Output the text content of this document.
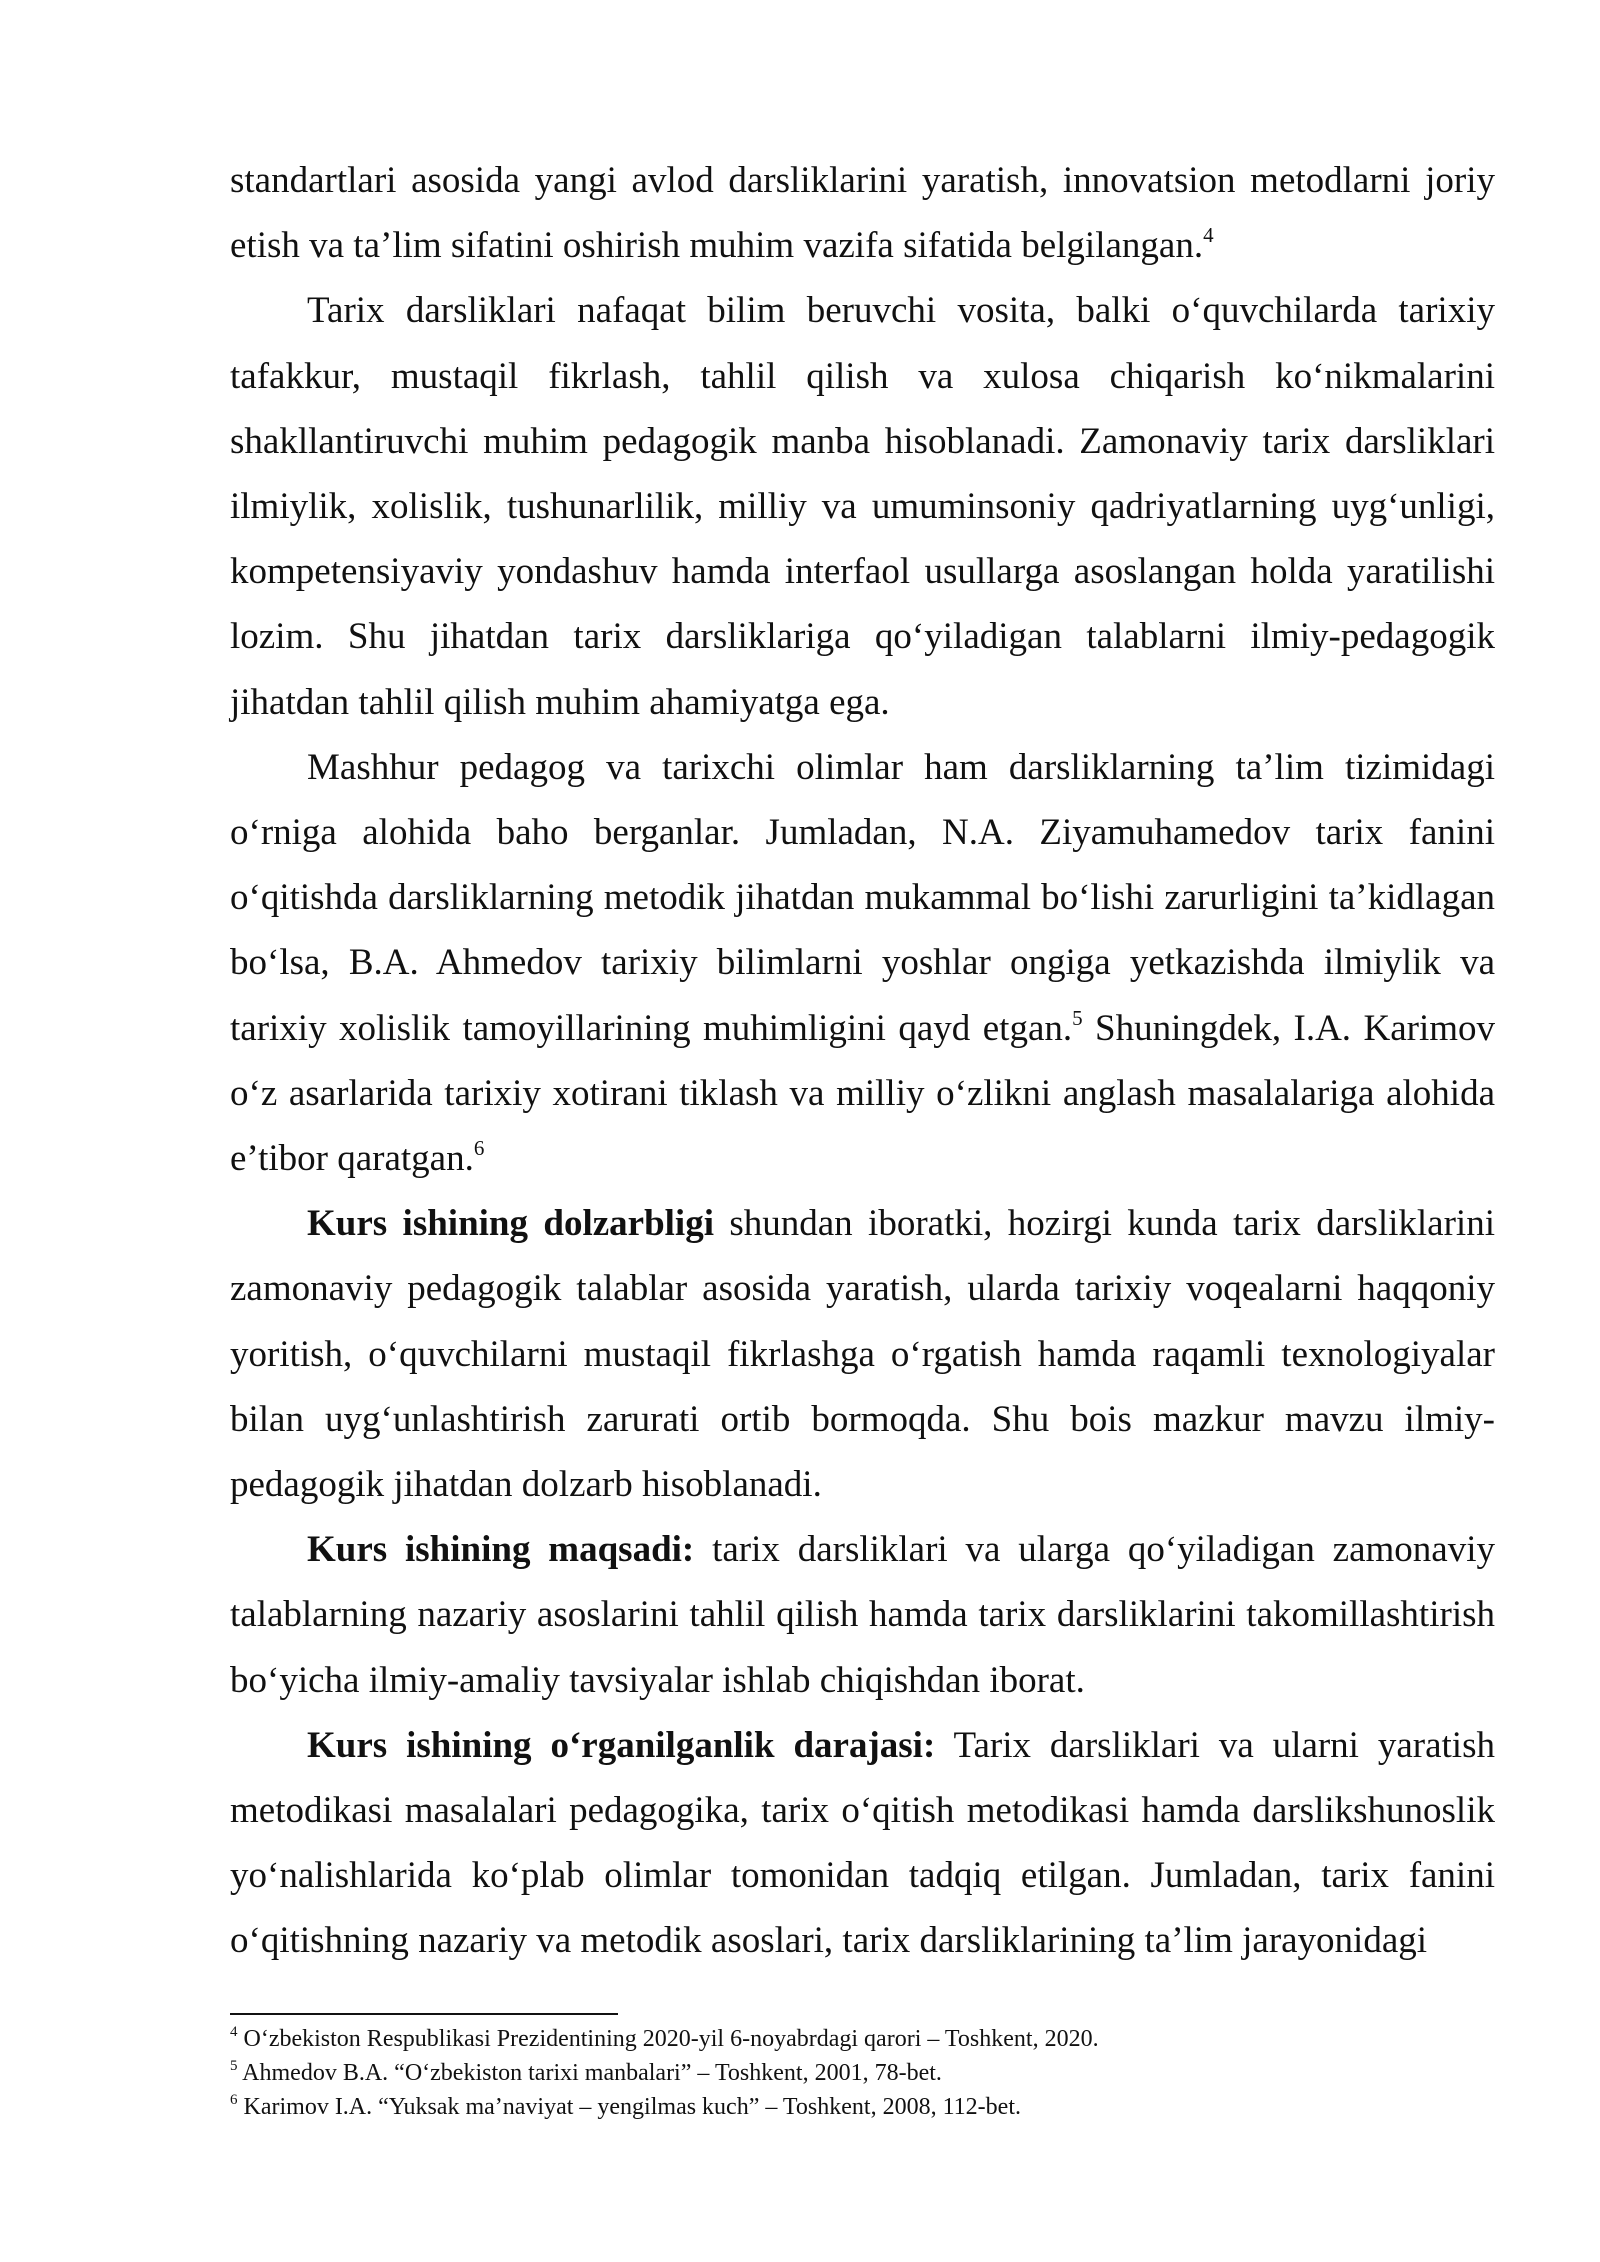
standartlari asosida yangi avlod darsliklarini yaratish, innovatsion metodlarni joriy etish va ta’lim sifatini oshirish muhim vazifa sifatida belgilangan.$^4$

Tarix darsliklari nafaqat bilim beruvchi vosita, balki o‘quvchilarda tarixiy tafakkur, mustaqil fikrlash, tahlil qilish va xulosa chiqarish ko‘nikmalarini shakllantiruvchi muhim pedagogik manba hisoblanadi. Zamonaviy tarix darsliklari ilmiylik, xolislik, tushunarlilik, milliy va umuminsoniy qadriyatlarning uyg‘unligi, kompetensiyaviy yondashuv hamda interfaol usullarga asoslangan holda yaratilishi lozim. Shu jihatdan tarix darsliklariga qo‘yiladigan talablarni ilmiy-pedagogik jihatdan tahlil qilish muhim ahamiyatga ega.

Mashhur pedagog va tarixchi olimlar ham darsliklarning ta’lim tizimidagi o‘rniga alohida baho berganlar. Jumladan, N.A. Ziyamuhamedov tarix fanini o‘qitishda darsliklarning metodik jihatdan mukammal bo‘lishi zarurligini ta’kidlagan bo‘lsa, B.A. Ahmedov tarixiy bilimlarni yoshlar ongiga yetkazishda ilmiylik va tarixiy xolislik tamoyillarining muhimligini qayd etgan.$^5$ Shuningdek, I.A. Karimov o‘z asarlarida tarixiy xotirani tiklash va milliy o‘zlikni anglash masalalariga alohida e’tibor qaratgan.$^6$

Kurs ishining dolzarbligi shundan iboratki, hozirgi kunda tarix darsliklarini zamonaviy pedagogik talablar asosida yaratish, ularda tarixiy voqealarni haqqoniy yoritish, o‘quvchilarni mustaqil fikrlashga o‘rgatish hamda raqamli texnologiyalar bilan uyg‘unlashtirish zarurati ortib bormoqda. Shu bois mazkur mavzu ilmiy-pedagogik jihatdan dolzarb hisoblanadi.

Kurs ishining maqsadi: tarix darsliklari va ularga qo‘yiladigan zamonaviy talablarning nazariy asoslarini tahlil qilish hamda tarix darsliklarini takomillashtirish bo‘yicha ilmiy-amaliy tavsiyalar ishlab chiqishdan iborat.

Kurs ishining o‘rganilganlik darajasi: Tarix darsliklari va ularni yaratish metodikasi masalalari pedagogika, tarix o‘qitish metodikasi hamda darslikshunoslik yo‘nalishlarida ko‘plab olimlar tomonidan tadqiq etilgan. Jumladan, tarix fanini o‘qitishning nazariy va metodik asoslari, tarix darsliklarining ta’lim jarayonidagi

$^4$ O‘zbekiston Respublikasi Prezidentining 2020-yil 6-noyabrdagi qarori – Toshkent, 2020.

$^5$ Ahmedov B.A. “O‘zbekiston tarixi manbalari” – Toshkent, 2001, 78-bet.

$^6$ Karimov I.A. “Yuksak ma’naviyat – yengilmas kuch” – Toshkent, 2008, 112-bet.
